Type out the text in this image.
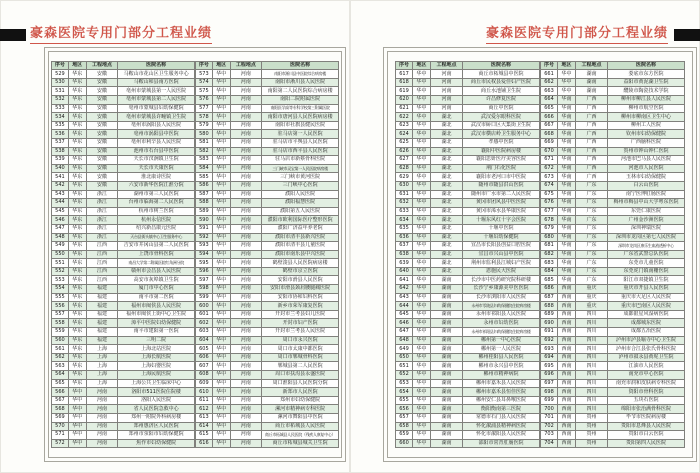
豪森医院专用门部分工程业绩
序号	地区	工程地点	医院名称
529	华东	安徽	马鞍山市花山区卫生服务中心
530	华东	安徽	马鞍山和县南方医院
531	华东	安徽	亳州市蒙城县第一人民医院
532	华东	安徽	亳州市蒙城县第二人民医院
533	华东	安徽	亳州市蒙城县妇幼保健院
534	华东	安徽	亳州市蒙城县许疃镇卫生院
535	华东	安徽	亳州市涡阳县人民医院
536	华东	安徽	亳州市涡阳县中医院
537	华东	安徽	亳州市利辛县人民医院
538	华东	安徽	池州市石台县中医院
539	华东	安徽	天长市汊涧镇卫生院
540	华东	安徽	天长市天康医院
541	华东	安徽	淮北康诗医院
542	华东	安徽	六安市新华医院江淮分院
543	华东	浙江	湖州市第三人民医院
544	华东	浙江	台州市临海第二人民医院
545	华东	浙江	杭州市树兰医院
546	华东	浙江	杭州永信医院
547	华东	浙江	绍兴新昌康元医院
548	华东	浙江	天台县街头镇中心卫生服务中心
549	华东	江西	吉安市井冈山县第二人民医院
550	华东	江西	上饶市骨科医院
551	华东	江西	南昌大学第二附属医院红角洲分院
552	华东	江西	赣州市会昌县人民医院
553	华东	江西	高安市灰埠镇卫生院
554	华东	福建	厦门市中心医院
555	华东	福建	南平市第二医院
556	华东	福建	福州市闽侯县人民医院
557	华东	福建	福州市闽侯上街中心卫生院
558	华东	福建	漳平中医院妇幼保健院
559	华东	福建	南平市建阳第一医院
560	华东	福建	三明二院
561	华东	上海	上海北站医院
562	华东	上海	上海长航医院
563	华东	上海	上海妇婴医院
564	华东	上海	上海民航医院
565	华东	上海	上海公共卫生临床中心
566	华中	河南	洛阳市511医院住院楼
567	华中	河南	洛阳人民医院
568	华中	河南	省人民医院急救中心
569	华中	河南	郑州一附院外科病房楼
570	华中	河南	郑州惠济区人民医院
571	华中	河南	郑州市荥阳市妇幼保健院
572	华中	河南	焦作市妇幼保健院
序号	地区	工程地点	医院名称
573	华中	河南	南阳市淅川县中医院综合病房楼
574	华中	河南	南阳市淅川县人民医院
575	华中	河南	南阳第二人民医院综合病房楼
576	华中	河南	南阳二院附属医院
577	华中	河南	南阳医学高等专科学校第三附属医院
578	华中	河南	南阳市唐河县人民医院病房楼
579	华中	河南	南阳市社旗县健民医院
580	华中	河南	驻马店第一人民医院
581	华中	河南	驻马店市平舆县人民医院
582	华中	河南	驻马店市西平县人民医院
583	华中	河南	驻马店市新蔡骨科医院
584	华中	河南	三门峡市灵宝第一人民医院病房楼
585	华中	河南	三门峡市黄河医院
586	华中	河南	三门峡中心医院
587	华中	河南	濮阳人民医院
588	华中	河南	濮阳福慧医院
589	华中	河南	濮阳第五人民医院
590	华中	河南	濮阳市欧利国际医疗整形医院
591	华中	河南	濮阳广济益年养老院
592	华中	河南	濮阳市清丰县新兴医院
593	华中	河南	濮阳市清丰县儿童医院
594	华中	河南	濮阳市南乐县中兴医院
595	华中	河南	鹤壁浚县人民医院病房楼
596	华中	河南	鹤壁市京立医院
597	华中	河南	安阳市滑县人民医院
598	华中	河南	安阳市滑县颈肩腰腿痛医院
599	华中	河南	安阳市协和妇科医院
600	华中	河南	新乡市荣军康复医院
601	华中	河南	开封市兰考县妇儿医院
602	华中	河南	开封市妇产医院
603	华中	河南	开封市兰考县人民医院
604	华中	河南	周口市永兴医院
605	华中	河南	周口市太康中都医院
606	华中	河南	周口市郸城骨科医院
607	华中	河南	郸城县第二人民医院
608	华中	河南	周口市扶沟县永盛医院
609	华中	河南	周口淮阳县人民医院分院
610	华中	河南	新郑市人民医院
611	华中	河南	郑州市妇幼保健院
612	华中	河南	漯河市精神病专科医院
613	华中	河南	漯河市舞阳县中医院
614	华中	河南	商丘市柘城县人民医院
615	华中	河南	商丘市柘城县人民医院（残疾人康复中心）
616	华中	河南	商丘市柘城县城关卫生院
豪森医院专用门部分工程业绩
序号	地区	工程地点	医院名称
617	华中	河南	商丘市柘城县中医院
618	华中	河南	商丘市民权县爱佳妇产医院
619	华中	河南	商丘水池铺卫生院
620	华中	河南	许昌修复医院
621	华中	河南	商丘中医院
622	华中	湖北	武汉爱尔眼科医院
623	华中	湖北	武汉市硚口区大集街卫生院
624	华中	湖北	武汉市横店岭卫生服务中心
625	华中	湖北	孝感中医院
626	华中	湖北	襄阳中医院病房楼
627	华中	湖北	襄阳思妍医疗美容医院
628	华中	湖北	荆门石化医院
629	华中	湖北	襄阳市老河口市中医院
630	华中	湖北	随州市随县洪山医院
631	华中	湖北	随州市广水市第二人民医院
632	华中	湖北	黄冈市团风县中医医院
633	华中	湖北	黄冈市浠水县华康医院
634	华中	湖北	十堰东风红十字会医院
635	华中	湖北	十堰中医院
636	华中	湖北	十堰妇幼保健院
637	华中	湖北	宜昌市长阳县创益口腔医院
638	华中	湖北	宜昌市兴山县中医院
639	华中	湖北	荆州市监利县江城妇产医院
640	华中	湖北	恩施民大医院
641	华中	湖南	长沙市中医药研究院科研楼
642	华中	湖南	长沙宁乡康源美中医医院
643	华中	湖南	长沙市浏阳市人民医院
644	华中	湖南	永州市零陵县妇幼保健院住院病房楼
645	华中	湖南	永州市祁阳县人民医院
646	华中	湖南	永州市妇幼医院
647	华中	湖南	永州市祁阳县妇幼保健院住院病房楼
648	华中	湖南	郴州第一中心医院
649	华中	湖南	郴州第一人民医院
650	华中	湖南	郴州桂阳县人民医院
651	华中	湖南	郴州市永兴县中医院
652	华中	湖南	郴州市精神病院
653	华中	湖南	郴州市嘉禾县人民医院
654	华中	湖南	郴州市嘉禾县恒佳医院
655	华中	湖南	郴州安仁县耳鼻喉医院
656	华中	湖南	衡阳衡南第三医院
657	华中	湖南	常德市石门县人民医院
658	华中	湖南	怀化溆浦县精神病医院
659	华中	湖南	怀化市溆阳县人民医院
660	华中	湖南	邵阳市常青肛肠医院
序号	地区	工程地点	医院名称
661	华中	湖南	娄底市东方医院
662	华中	湖南	益阳市黄泥湖卫生院
663	华中	湖南	醴陵市陶瓷技术学院
664	华南	广西	柳州市柳江县人民医院
665	华南	广西	柳州市航空医院
666	华南	广西	柳州市柳南区卫生中心
667	华南	广西	柳州工人医院
668	华南	广西	钦州市妇幼保健院
669	华南	广西	广西脑科医院
670	华南	广西	贺州市钟山钟仁医院
671	华南	广西	河池市巴马县人民医院
672	华南	广西	河池市人民医院
673	华南	广西	玉林市妇幼保健院
674	华南	广东	白云山医院
675	华南	广东	南宁医博肛肠医院
676	华南	广东	梅州市梅县中山大学粤东医院
677	华南	广东	东莞仁康医院
678	华南	广东	广州金沙洲医院
679	华南	广东	深圳神瑞医院
680	华南	广东	深圳市龙岗区第七人民医院
681	华南	广东	深圳市龙岗区康乐生血液透析中心
682	华南	广东	广东省武警总队医院
683	华南	广东	东莞市儿童医院
684	华南	广东	东莞虎门镇南栅医院
685	华南	广东	阳江市双捷镇卫生院
686	西南	重庆	重庆市开县人民医院
687	西南	重庆	重庆市大足区人民医院
688	西南	重庆	重庆市巴南区人民医院
689	西南	四川	成都银星风湿病医院
690	西南	四川	成都城东医院
691	西南	四川	成都五冶医院
692	西南	四川	泸州市泸县喻寺中心卫生院
693	西南	四川	泸州市合江县张氏骨科医院
694	西南	四川	泸州市叙永县黄坭卫生院
695	西南	四川	江油市人民医院
696	西南	四川	南充市中心医院
697	西南	四川	南充市润和皮肤病专科医院
698	西南	四川	资阳市骨科医院
699	西南	四川	五块石医院
700	西南	四川	绵阳市张治满骨科医院
701	西南	贵州	毕节市医院病房楼
702	西南	贵州	贵阳市息烽县人民医院
703	西南	贵州	贵阳市白云医院
704	西南	贵州	贵阳第四人民医院
